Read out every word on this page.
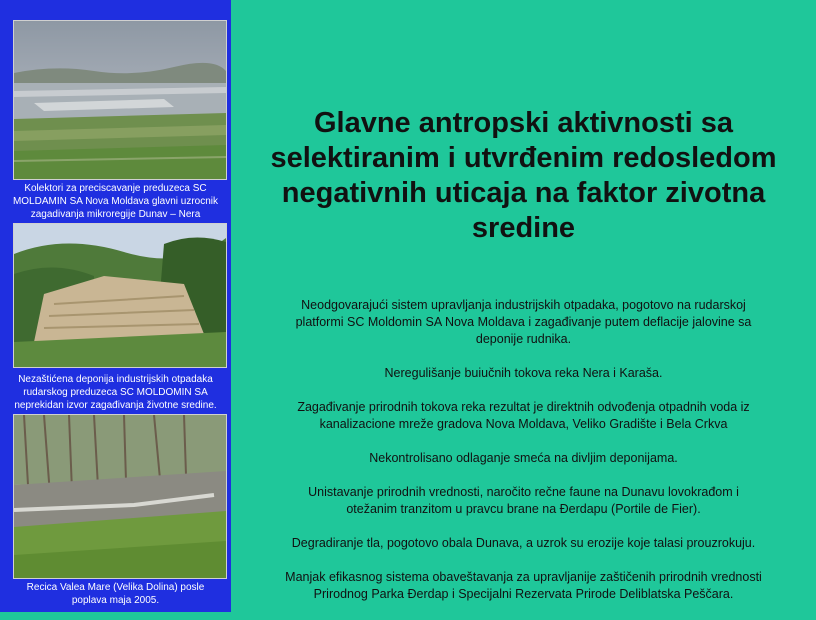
Kolektori za preciscavanje preduzeca SC
MOLDAMIN SA Nova Moldava glavni uzrocnik
zagadivanja mikroregije Dunav – Nera
Nezaštićena deponija industrijskih otpadaka
rudarskog preduzeca SC MOLDOMIN SA
neprekidan izvor zagađivanja životne sredine.
Recica Valea Mare (Velika Dolina) posle
poplava maja 2005.
Glavne antropski aktivnosti sa
selektiranim i utvrđenim redosledom
negativnih uticaja na faktor zivotna
sredine

Neodgovarajući sistem upravljanja industrijskih otpadaka, pogotovo na rudarskoj
platformi SC Moldomin SA Nova Moldava i zagađivanje putem deflacije jalovine sa
deponije rudnika.

Neregulišanje buiučnih tokova reka Nera i Karaša.

Zagađivanje prirodnih tokova reka rezultat je direktnih odvođenja otpadnih voda iz
kanalizacione mreže gradova Nova Moldava, Veliko Gradište i Bela Crkva

Nekontrolisano odlaganje smeća na divljim deponijama.

Unistavanje prirodnih vrednosti, naročito rečne faune na Dunavu lovokrađom i
otežanim tranzitom u pravcu brane na Đerdapu (Portile de Fier).

Degradiranje tla, pogotovo obala Dunava, a uzrok su erozije koje talasi prouzrokuju.

Manjak efikasnog sistema obaveštavanja za upravljanije zaštičenih prirodnih vrednosti
Prirodnog Parka Đerdap i Specijalni Rezervata Prirode Deliblatska Peščara.
